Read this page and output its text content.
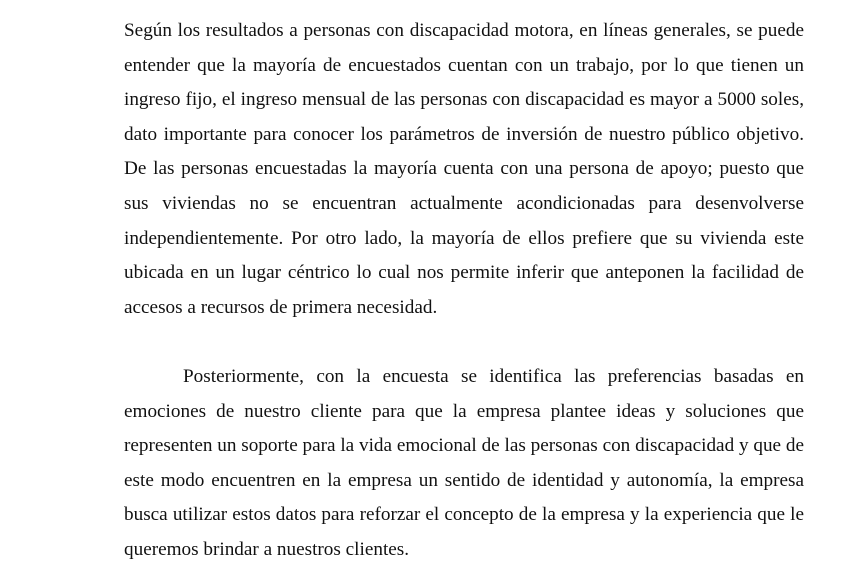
Según los resultados a personas con discapacidad motora, en líneas generales, se puede entender que la mayoría de encuestados cuentan con un trabajo, por lo que tienen un ingreso fijo, el ingreso mensual de las personas con discapacidad es mayor a 5000 soles, dato importante para conocer los parámetros de inversión de nuestro público objetivo. De las personas encuestadas la mayoría cuenta con una persona de apoyo; puesto que sus viviendas no se encuentran actualmente acondicionadas para desenvolverse independientemente. Por otro lado, la mayoría de ellos prefiere que su vivienda este ubicada en un lugar céntrico lo cual nos permite inferir que anteponen la facilidad de accesos a recursos de primera necesidad.

Posteriormente, con la encuesta se identifica las preferencias basadas en emociones de nuestro cliente para que la empresa plantee ideas y soluciones que representen un soporte para la vida emocional de las personas con discapacidad y que de este modo encuentren en la empresa un sentido de identidad y autonomía, la empresa busca utilizar estos datos para reforzar el concepto de la empresa y la experiencia que le queremos brindar a nuestros clientes.
